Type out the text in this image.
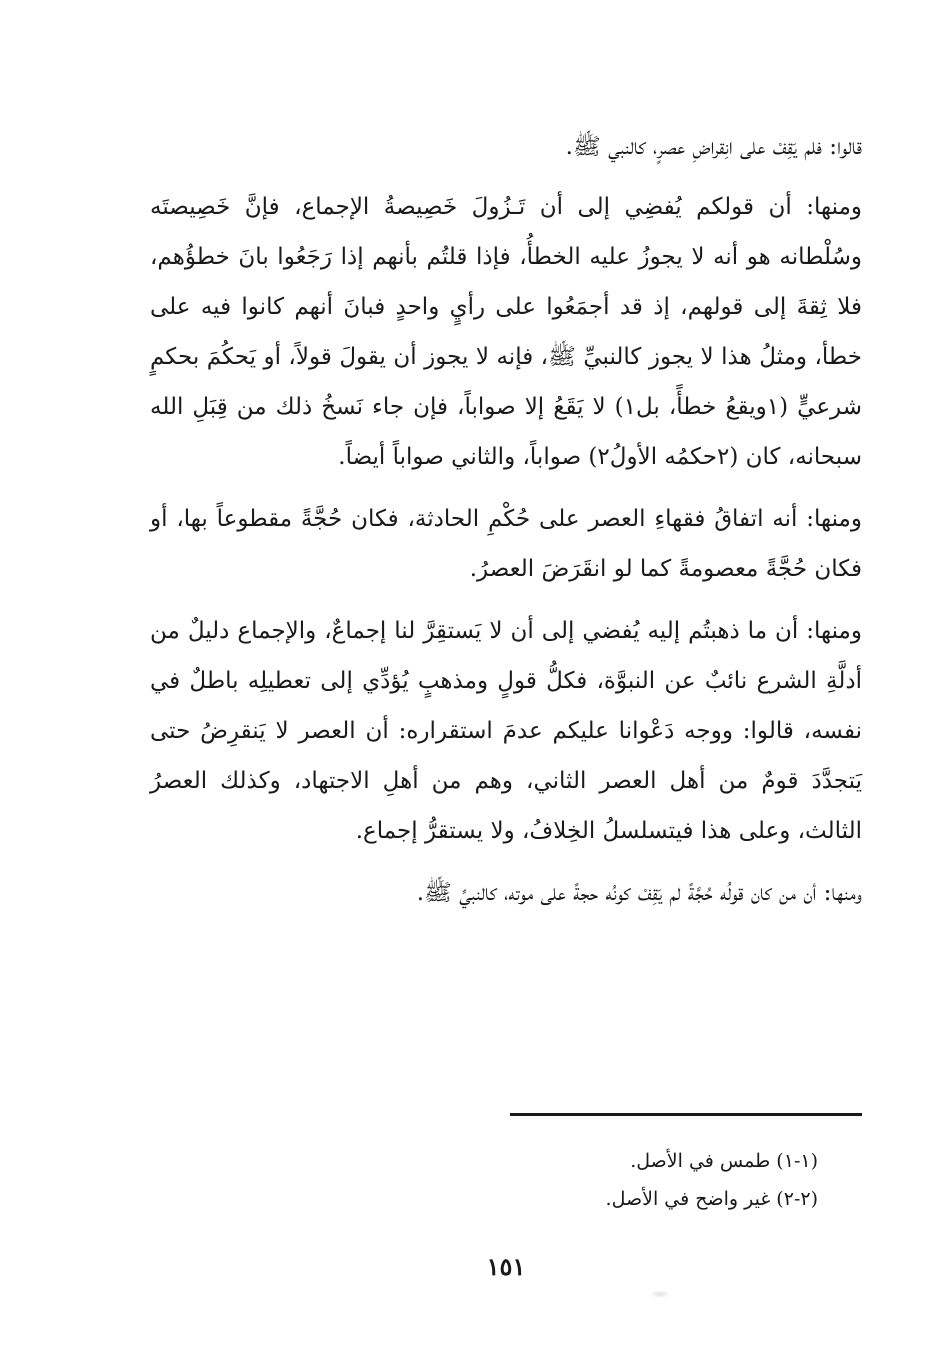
قالوا: فلم يَقِفْ على انِقراضِ عصرٍ، كالنبي ﷺ.

ومنها: أن قولكم يُفضِي إلى أن تَـزُولَ خَصِيصةُ الإجماع، فإنَّ خَصِيصتَه وسُلْطانه هو أنه لا يجوزُ عليه الخطأُ، فإذا قلتُم بأنهم إذا رَجَعُوا بانَ خطؤُهم، فلا ثِقةَ إلى قولهم، إذ قد أجمَعُوا على رأيٍ واحدٍ فبانَ أنهم كانوا فيه على خطأ، ومثلُ هذا لا يجوز كالنبيِّ ﷺ، فإنه لا يجوز أن يقولَ قولاً، أو يَحكُمَ بحكمٍ شرعيٍّ (١ويقعُ خطأً، بل١) لا يَقَعُ إلا صواباً، فإن جاء نَسخُ ذلك من قِبَلِ الله سبحانه، كان (٢حكمُه الأولُ٢) صواباً، والثاني صواباً أيضاً.

ومنها: أنه اتفاقُ فقهاءِ العصر على حُكْمِ الحادثة، فكان حُجَّةً مقطوعاً بها، أو فكان حُجَّةً معصومةً كما لو انقَرَضَ العصرُ.

ومنها: أن ما ذهبتُم إليه يُفضي إلى أن لا يَستقِرَّ لنا إجماعٌ، والإجماع دليلٌ من أدلَّةِ الشرع نائبٌ عن النبوَّة، فكلُّ قولٍ ومذهبٍ يُؤدِّي إلى تعطيلِه باطلٌ في نفسه، قالوا: ووجه دَعْوانا عليكم عدمَ استقراره: أن العصر لا يَنقرِضُ حتى يَتجدَّدَ قومٌ من أهل العصر الثاني، وهم من أهلِ الاجتهاد، وكذلك العصرُ الثالث، وعلى هذا فيتسلسلُ الخِلافُ، ولا يستقرُّ إجماع.

ومنها: أن من كان قولُه حُجَّةً لم يَقِفْ كونُه حجةً على موته، كالنبيِّ ﷺ.

(١-١) طمس في الأصل.

(٢-٢) غير واضح في الأصل.

١٥١
